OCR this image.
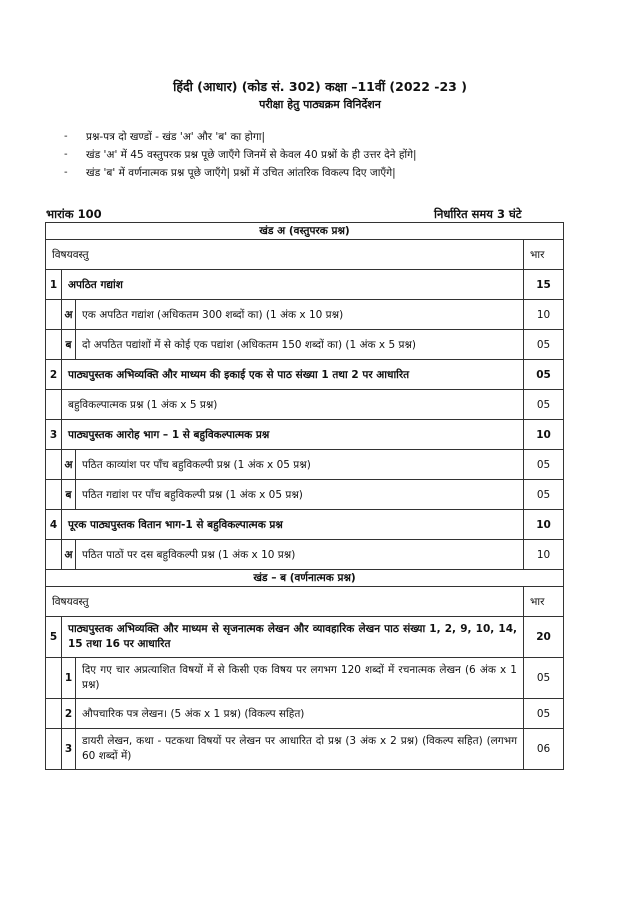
हिंदी (आधार) (कोड सं. 302) कक्षा –11वीं (2022 -23 )
परीक्षा हेतु पाठ्यक्रम विनिर्देशन
- प्रश्न-पत्र दो खण्डों - खंड 'अ' और 'ब' का होगा|
- खंड 'अ' में 45 वस्तुपरक प्रश्न पूछे जाएँगे जिनमें से केवल 40 प्रश्नों के ही उत्तर देने होंगे|
- खंड 'ब' में वर्णनात्मक प्रश्न पूछे जाएँगे| प्रश्नों में उचित आंतरिक विकल्प दिए जाएँगे|
भारांक 100	निर्धारित समय 3 घंटे
खंड अ (वस्तुपरक प्रश्न)			
विषयवस्तु			भार
1	अपठित गद्यांश		15
	अ	एक अपठित गद्यांश (अधिकतम 300 शब्दों का) (1 अंक x 10 प्रश्न)	10
	ब	दो अपठित पद्यांशों में से कोई एक पद्यांश (अधिकतम 150 शब्दों का) (1 अंक x 5 प्रश्न)	05
2	पाठ्यपुस्तक अभिव्यक्ति और माध्यम की इकाई एक से पाठ संख्या 1 तथा 2 पर आधारित		05
	बहुविकल्पात्मक प्रश्न (1 अंक x 5 प्रश्न)		05
3	पाठ्यपुस्तक आरोह भाग – 1 से बहुविकल्पात्मक प्रश्न		10
	अ	पठित काव्यांश पर पाँच बहुविकल्पी प्रश्न (1 अंक x 05 प्रश्न)	05
	ब	पठित गद्यांश पर पाँच बहुविकल्पी प्रश्न (1 अंक x 05 प्रश्न)	05
4	पूरक पाठ्यपुस्तक वितान भाग-1 से बहुविकल्पात्मक प्रश्न		10
	अ	पठित पाठों पर दस बहुविकल्पी प्रश्न (1 अंक x 10 प्रश्न)	10
खंड – ब (वर्णनात्मक प्रश्न)			
विषयवस्तु			भार
5	पाठ्यपुस्तक अभिव्यक्ति और माध्यम से सृजनात्मक लेखन और व्यावहारिक लेखन पाठ संख्या 1, 2, 9, 10, 14, 15 तथा 16 पर आधारित		20
	1	दिए गए चार अप्रत्याशित विषयों में से किसी एक विषय पर लगभग 120 शब्दों में रचनात्मक लेखन (6 अंक x 1 प्रश्न)	05
	2	औपचारिक पत्र लेखन। (5 अंक x 1 प्रश्न) (विकल्प सहित)	05
	3	डायरी लेखन, कथा - पटकथा विषयों पर लेखन पर आधारित दो प्रश्न (3 अंक x 2 प्रश्न) (विकल्प सहित) (लगभग 60 शब्दों में)	06
